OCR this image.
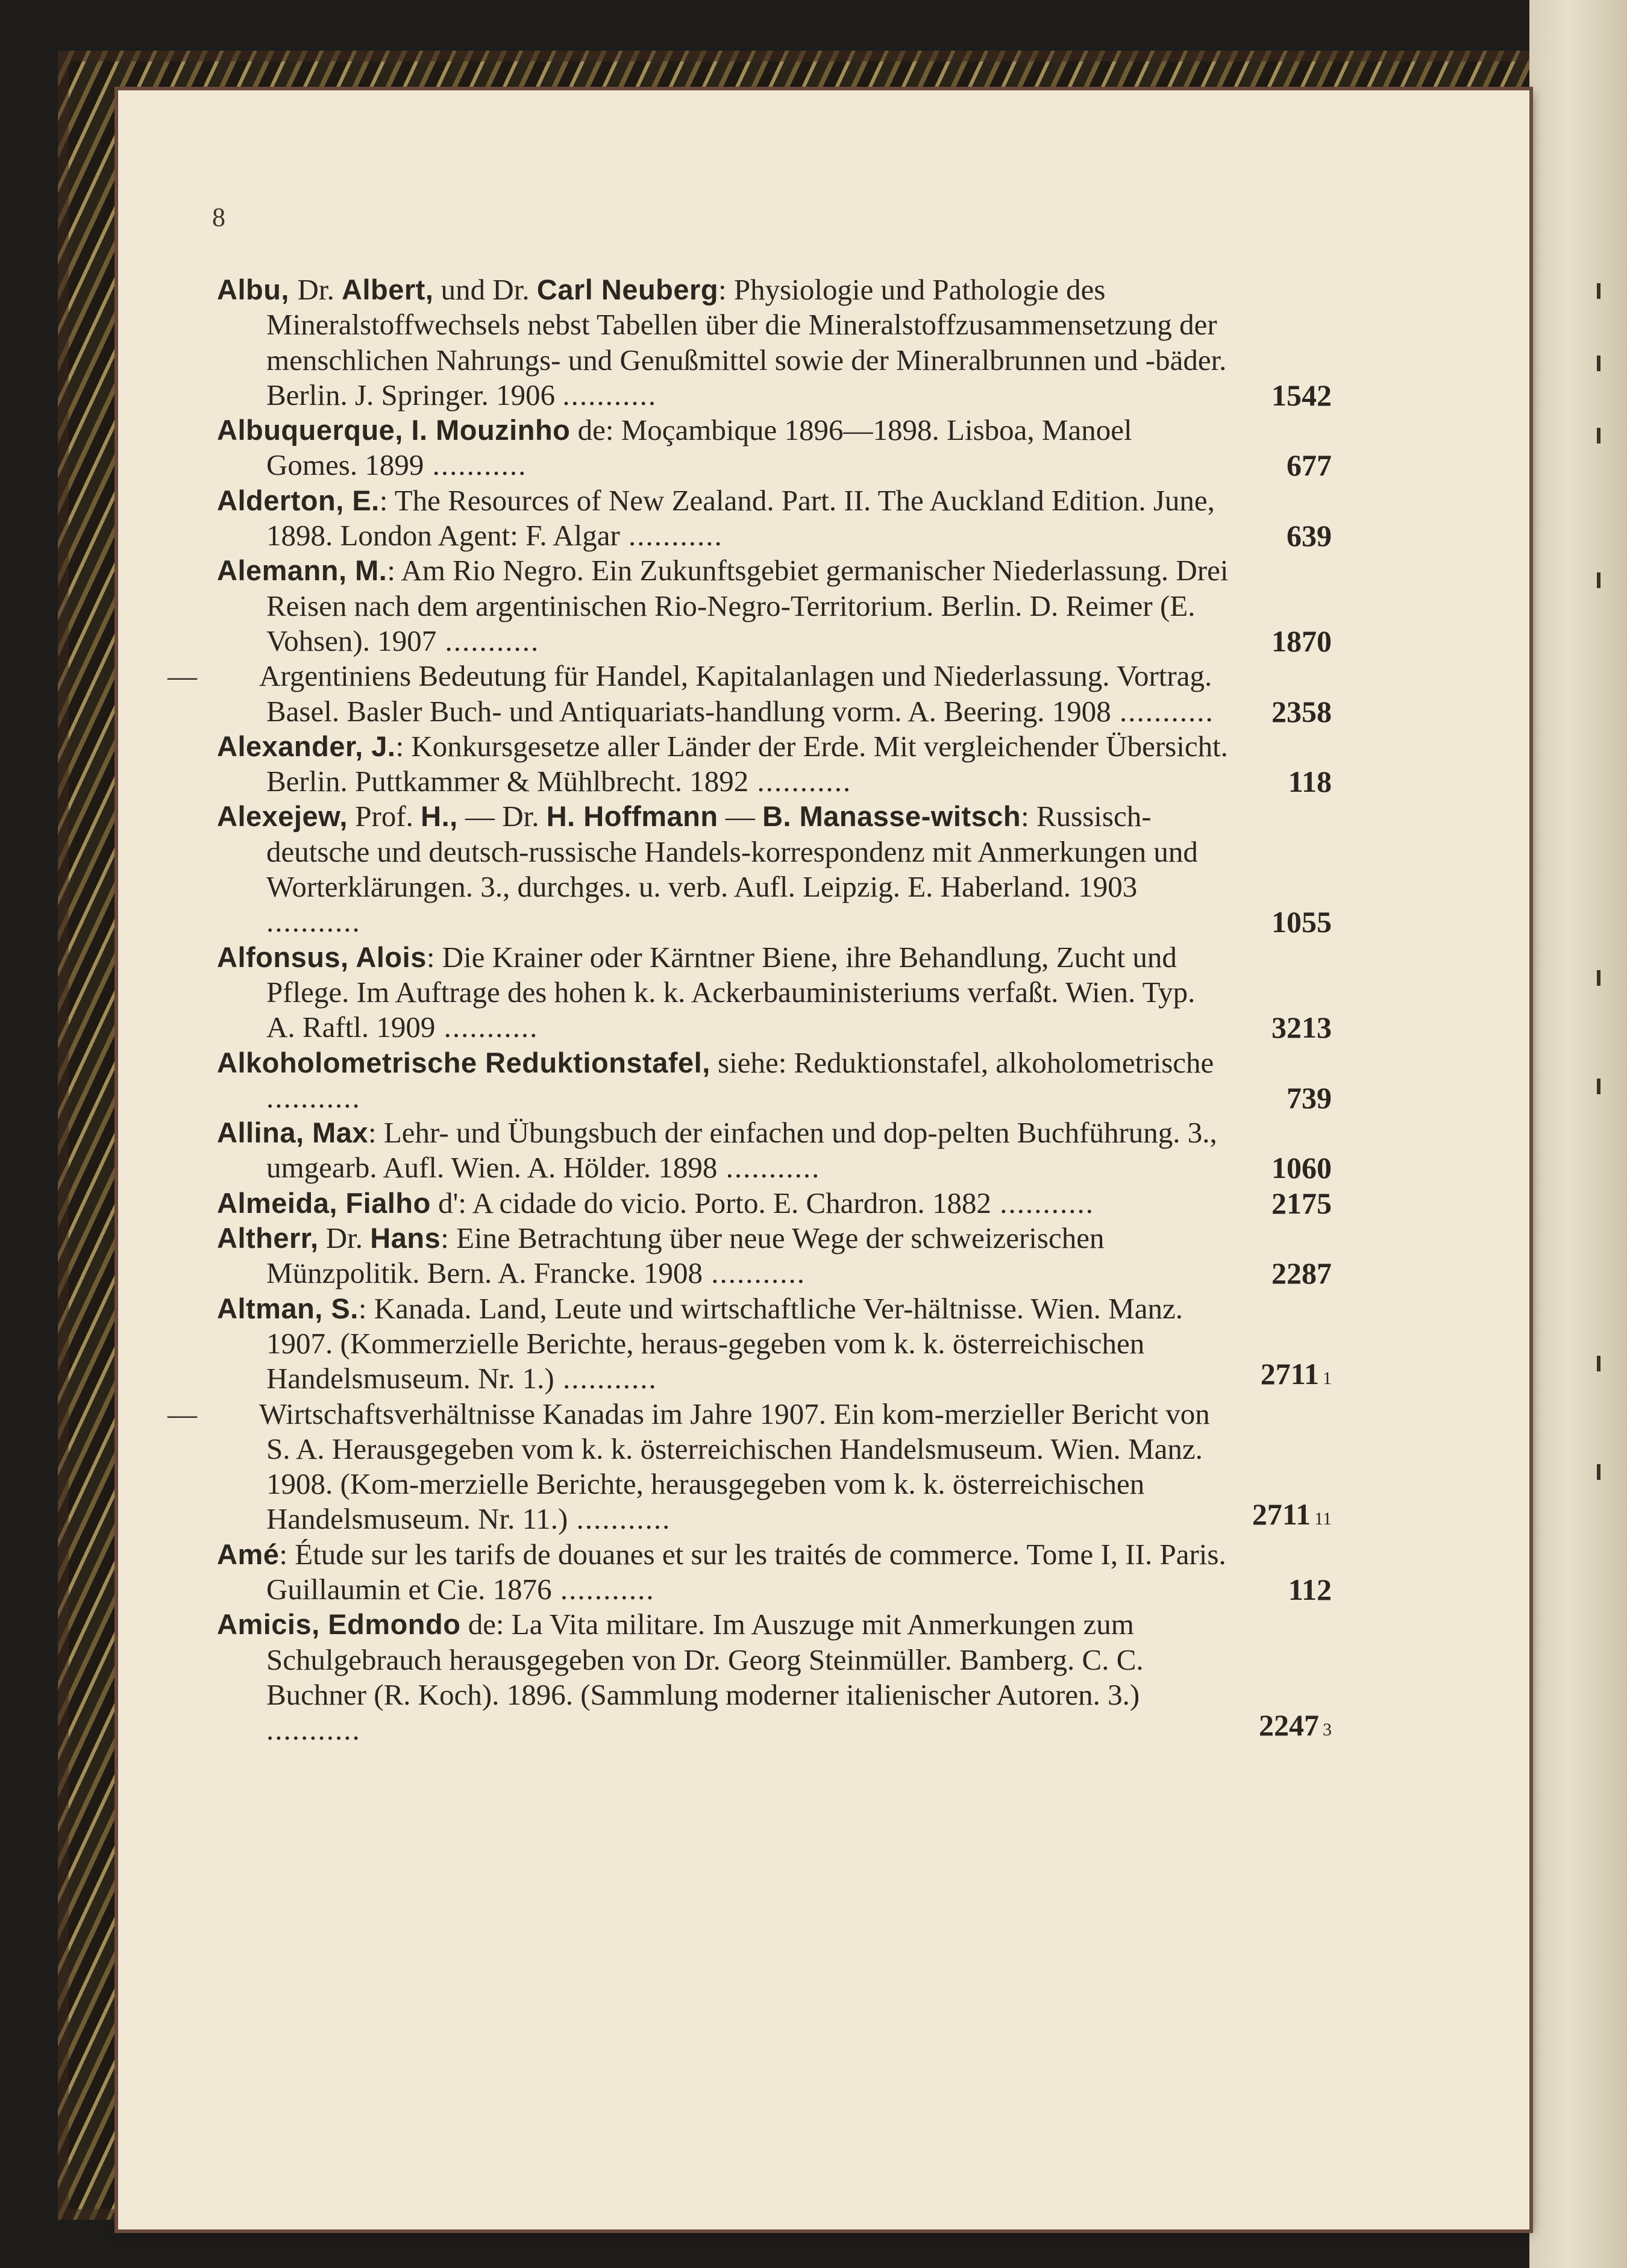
8
Albu, Dr. Albert, und Dr. Carl Neuberg: Physiologie und Pathologie des Mineralstoffwechsels nebst Tabellen über die Mineralstoffzusammensetzung der menschlichen Nahrungs- und Genußmittel sowie der Mineralbrunnen und -bäder. Berlin. J. Springer. 1906 ...........	1542
Albuquerque, I. Mouzinho de: Moçambique 1896—1898. Lisboa, Manoel Gomes. 1899 ...........	677
Alderton, E.: The Resources of New Zealand. Part. II. The Auckland Edition. June, 1898. London Agent: F. Algar ...........	639
Alemann, M.: Am Rio Negro. Ein Zukunftsgebiet germanischer Niederlassung. Drei Reisen nach dem argentinischen Rio-Negro-Territorium. Berlin. D. Reimer (E. Vohsen). 1907 ...........	1870
— Argentiniens Bedeutung für Handel, Kapitalanlagen und Niederlassung. Vortrag. Basel. Basler Buch- und Antiquariats-handlung vorm. A. Beering. 1908 ........... 2358
Alexander, J.: Konkursgesetze aller Länder der Erde. Mit vergleichender Übersicht. Berlin. Puttkammer & Mühlbrecht. 1892 ...........	118
Alexejew, Prof. H., — Dr. H. Hoffmann — B. Manasse-witsch: Russisch-deutsche und deutsch-russische Handels-korrespondenz mit Anmerkungen und Worterklärungen. 3., durchges. u. verb. Aufl. Leipzig. E. Haberland. 1903 ...........	1055
Alfonsus, Alois: Die Krainer oder Kärntner Biene, ihre Behandlung, Zucht und Pflege. Im Auftrage des hohen k. k. Ackerbauministeriums verfaßt. Wien. Typ. A. Raftl. 1909 ...........	3213
Alkoholometrische Reduktionstafel, siehe: Reduktionstafel, alkoholometrische ...........	739
Allina, Max: Lehr- und Übungsbuch der einfachen und dop-pelten Buchführung. 3., umgearb. Aufl. Wien. A. Hölder. 1898 ...........	1060
Almeida, Fialho d': A cidade do vicio. Porto. E. Chardron. 1882 ...........	2175
Altherr, Dr. Hans: Eine Betrachtung über neue Wege der schweizerischen Münzpolitik. Bern. A. Francke. 1908 ...........	2287
Altman, S.: Kanada. Land, Leute und wirtschaftliche Ver-hältnisse. Wien. Manz. 1907. (Kommerzielle Berichte, heraus-gegeben vom k. k. österreichischen Handelsmuseum. Nr. 1.) ...........	2711 1
— Wirtschaftsverhältnisse Kanadas im Jahre 1907. Ein kom-merzieller Bericht von S. A. Herausgegeben vom k. k. österreichischen Handelsmuseum. Wien. Manz. 1908. (Kom-merzielle Berichte, herausgegeben vom k. k. österreichischen Handelsmuseum. Nr. 11.) ...........	2711 11
Amé: Étude sur les tarifs de douanes et sur les traités de commerce. Tome I, II. Paris. Guillaumin et Cie. 1876 ...........	112
Amicis, Edmondo de: La Vita militare. Im Auszuge mit Anmerkungen zum Schulgebrauch herausgegeben von Dr. Georg Steinmüller. Bamberg. C. C. Buchner (R. Koch). 1896. (Sammlung moderner italienischer Autoren. 3.) ...........	2247 3
